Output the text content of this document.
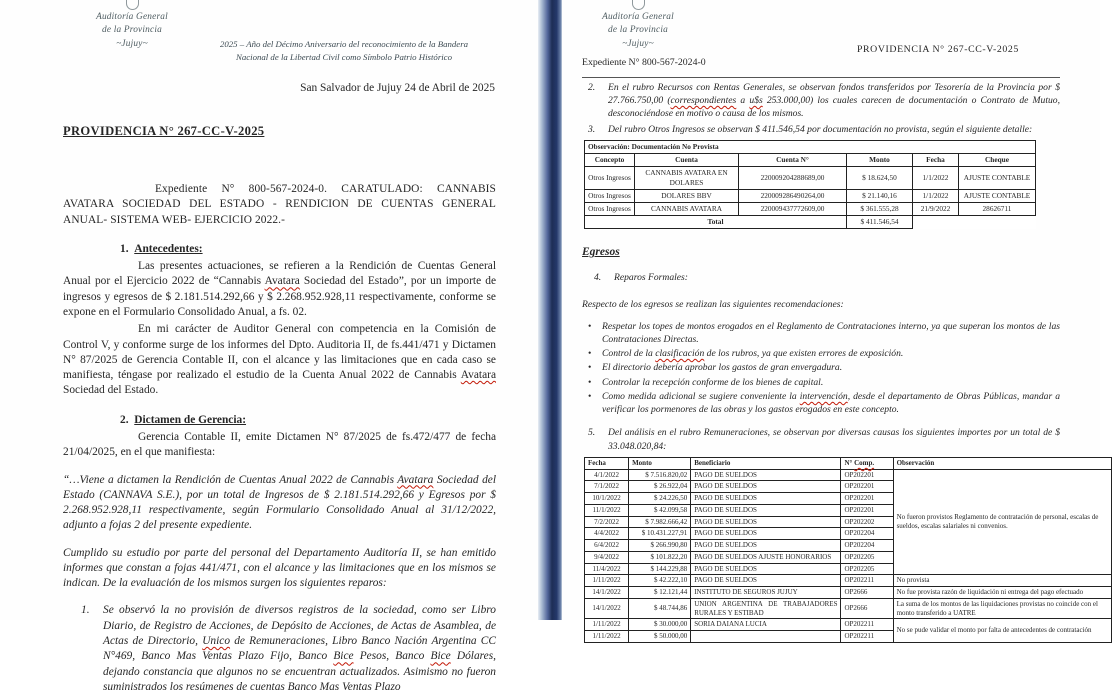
Auditoría General
de la Provincia
~Jujuy~	2025 – Año del Décimo Aniversario del reconocimiento de la Bandera
Nacional de la Libertad Civil como Símbolo Patrio Histórico
San Salvador de Jujuy 24 de Abril de 2025
PROVIDENCIA N° 267-CC-V-2025

Expediente N° 800-567-2024-0. CARATULADO: CANNABIS AVATARA SOCIEDAD DEL ESTADO - RENDICION DE CUENTAS GENERAL ANUAL- SISTEMA WEB- EJERCICIO 2022.-

1. Antecedentes:

Las presentes actuaciones, se refieren a la Rendición de Cuentas General Anual por el Ejercicio 2022 de “Cannabis Avatara Sociedad del Estado”, por un importe de ingresos y egresos de $ 2.181.514.292,66 y $ 2.268.952.928,11 respectivamente, conforme se expone en el Formulario Consolidado Anual, a fs. 02.

En mi carácter de Auditor General con competencia en la Comisión de Control V, y conforme surge de los informes del Dpto. Auditoria II, de fs.441/471 y Dictamen N° 87/2025 de Gerencia Contable II, con el alcance y las limitaciones que en cada caso se manifiesta, téngase por realizado el estudio de la Cuenta Anual 2022 de Cannabis Avatara Sociedad del Estado.

2. Dictamen de Gerencia:

Gerencia Contable II, emite Dictamen N° 87/2025 de fs.472/477 de fecha 21/04/2025, en el que manifiesta:

“…Viene a dictamen la Rendición de Cuentas Anual 2022 de Cannabis Avatara Sociedad del Estado (CANNAVA S.E.), por un total de Ingresos de $ 2.181.514.292,66 y Egresos por $ 2.268.952.928,11 respectivamente, según Formulario Consolidado Anual al 31/12/2022, adjunto a fojas 2 del presente expediente.

Cumplido su estudio por parte del personal del Departamento Auditoría II, se han emitido informes que constan a fojas 441/471, con el alcance y las limitaciones que en los mismos se indican. De la evaluación de los mismos surgen los siguientes reparos:

1.	Se observó la no provisión de diversos registros de la sociedad, como ser Libro Diario, de Registro de Acciones, de Depósito de Acciones, de Actas de Asamblea, de Actas de Directorio, Unico de Remuneraciones, Libro Banco Nación Argentina CC N°469, Banco Mas Ventas Plazo Fijo, Banco Bice Pesos, Banco Bice Dólares, dejando constancia que algunos no se encuentran actualizados. Asimismo no fueron suministrados los resúmenes de cuentas Banco Mas Ventas Plazo
Auditoría General
de la Provincia
~Jujuy~
PROVIDENCIA N° 267-CC-V-2025
Expediente N° 800-567-2024-0
2.	En el rubro Recursos con Rentas Generales, se observan fondos transferidos por Tesorería de la Provincia por $ 27.766.750,00 (correspondientes a u$s 253.000,00) los cuales carecen de documentación o Contrato de Mutuo, desconociéndose en motivo o causa de los mismos.
3.	Del rubro Otros Ingresos se observan $ 411.546,54 por documentación no provista, según el siguiente detalle:
Observación: Documentación No Provista					
Concepto	Cuenta	Cuenta N°	Monto	Fecha	Cheque
Otros Ingresos	CANNABIS AVATARA EN DOLARES	220009204288689,00	$ 18.624,50	1/1/2022	AJUSTE CONTABLE
Otros Ingresos	DOLARES BBV	220009286490264,00	$ 21.140,16	1/1/2022	AJUSTE CONTABLE
Otros Ingresos	CANNABIS AVATARA	220009437772609,00	$ 361.555,28	21/9/2022	28626711
Total			$ 411.546,54		
Egresos
4.	Reparos Formales:

Respecto de los egresos se realizan las siguientes recomendaciones:

• Respetar los topes de montos erogados en el Reglamento de Contrataciones interno, ya que superan los montos de las Contrataciones Directas.
• Control de la clasificación de los rubros, ya que existen errores de exposición.
• El directorio debería aprobar los gastos de gran envergadura.
• Controlar la recepción conforme de los bienes de capital.
• Como medida adicional se sugiere conveniente la intervención, desde el departamento de Obras Públicas, mandar a verificar los pormenores de las obras y los gastos erogados en este concepto.
5.	Del análisis en el rubro Remuneraciones, se observan por diversas causas los siguientes importes por un total de $ 33.048.020,84:
Fecha	Monto	Beneficiario	N° Comp.	Observación
4/1/2022	$ 7.516.820,02	PAGO DE SUELDOS	OP202201	No fueron provistos Reglamento de contratación de personal, escalas de sueldos, escalas salariales ni convenios.
7/1/2022	$ 26.922,04	PAGO DE SUELDOS	OP202201	
10/1/2022	$ 24.226,50	PAGO DE SUELDOS	OP202201	
11/1/2022	$ 42.099,58	PAGO DE SUELDOS	OP202201	
7/2/2022	$ 7.982.666,42	PAGO DE SUELDOS	OP202202	
4/4/2022	$ 10.431.227,91	PAGO DE SUELDOS	OP202204	
6/4/2022	$ 266.990,80	PAGO DE SUELDOS	OP202204	
9/4/2022	$ 101.822,20	PAGO DE SUELDOS AJUSTE HONORARIOS	OP202205	
11/4/2022	$ 144.229,88	PAGO DE SUELDOS	OP202205	
1/11/2022	$ 42.222,10	PAGO DE SUELDOS	OP202211	No provista
14/1/2022	$ 12.121,44	INSTITUTO DE SEGUROS JUJUY	OP2666	No fue provista razón de liquidación ni entrega del pago efectuado
14/1/2022	$ 48.744,86	UNION ARGENTINA DE TRABAJADORES RURALES Y ESTIBAD	OP2666	La suma de los montos de las liquidaciones provistas no coincide con el monto transferido a UATRE
1/11/2022	$ 30.000,00	SORIA DAIANA LUCIA	OP202211	No se pude validar el monto por falta de antecedentes de contratación
1/11/2022	$ 50.000,00		OP202211	
